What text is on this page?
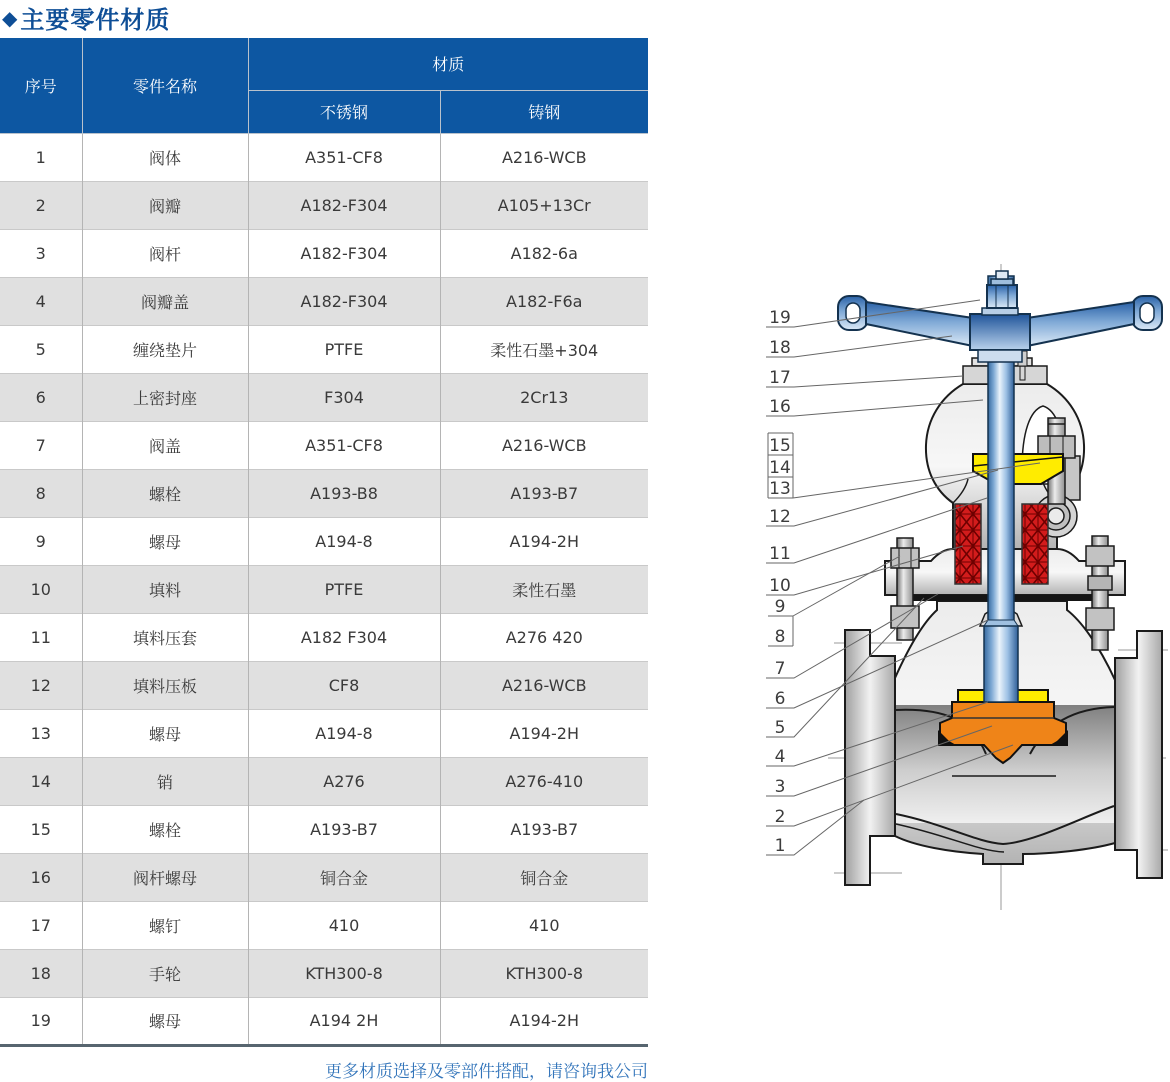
◆ 主要零件材质
序号	零件名称	材质	
		不锈钢	铸钢
1	阀体	A351-CF8	A216-WCB
2	阀瓣	A182-F304	A105+13Cr
3	阀杆	A182-F304	A182-6a
4	阀瓣盖	A182-F304	A182-F6a
5	缠绕垫片	PTFE	柔性石墨+304
6	上密封座	F304	2Cr13
7	阀盖	A351-CF8	A216-WCB
8	螺栓	A193-B8	A193-B7
9	螺母	A194-8	A194-2H
10	填料	PTFE	柔性石墨
11	填料压套	A182 F304	A276 420
12	填料压板	CF8	A216-WCB
13	螺母	A194-8	A194-2H
14	销	A276	A276-410
15	螺栓	A193-B7	A193-B7
16	阀杆螺母	铜合金	铜合金
17	螺钉	410	410
18	手轮	KTH300-8	KTH300-8
19	螺母	A194 2H	A194-2H
更多材质选择及零部件搭配，请咨询我公司
19
18
17
16
15
14
13
12
11
10
9
8
7
6
5
4
3
2
1
